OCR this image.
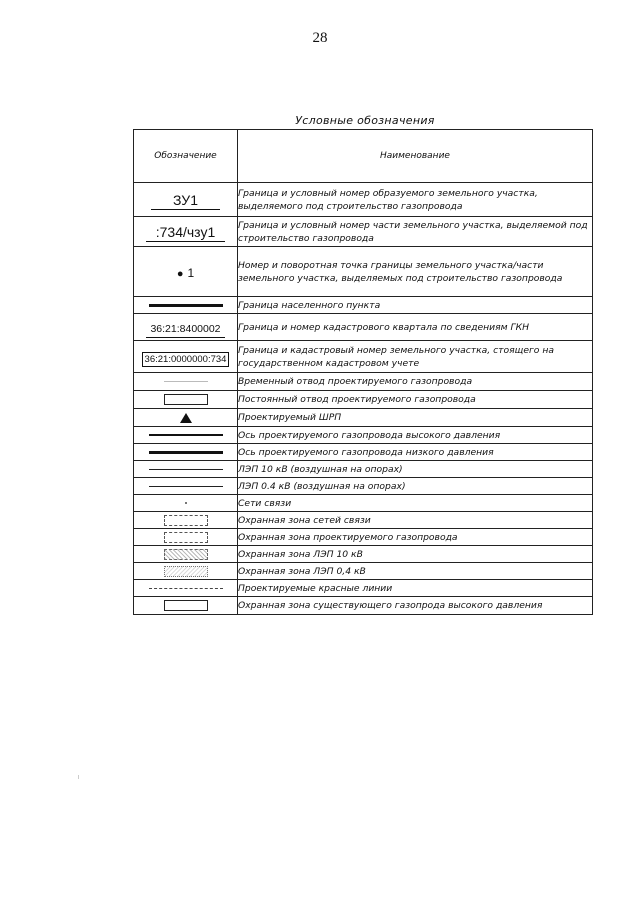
28
Условные обозначения
Обозначение	Наименование
ЗУ1	Граница и условный номер образуемого земельного участка, выделяемого под строительство газопровода
:734/чзу1	Граница и условный номер части земельного участка, выделяемой под строительство газопровода
● 1	Номер и поворотная точка границы земельного участка/части земельного участка, выделяемых под строительство газопровода

	Граница населенного пункта
36:21:8400002	Граница и номер кадастрового квартала по сведениям ГКН
36:21:0000000:734	Граница и кадастровый номер земельного участка, стоящего на государственном кадастровом учете

	Временный отвод проектируемого газопровода

	Постоянный отвод проектируемого газопровода

	Проектируемый ШРП

	Ось проектируемого газопровода высокого давления

	Ось проектируемого газопровода низкого давления

	ЛЭП 10 кВ (воздушная на опорах)

	ЛЭП 0.4 кВ (воздушная на опорах)

	Сети связи

	Охранная зона сетей связи

	Охранная зона проектируемого газопровода

	Охранная зона ЛЭП 10 кВ

	Охранная зона ЛЭП 0,4 кВ

	Проектируемые красные линии

	Охранная зона существующего газопрода высокого давления
